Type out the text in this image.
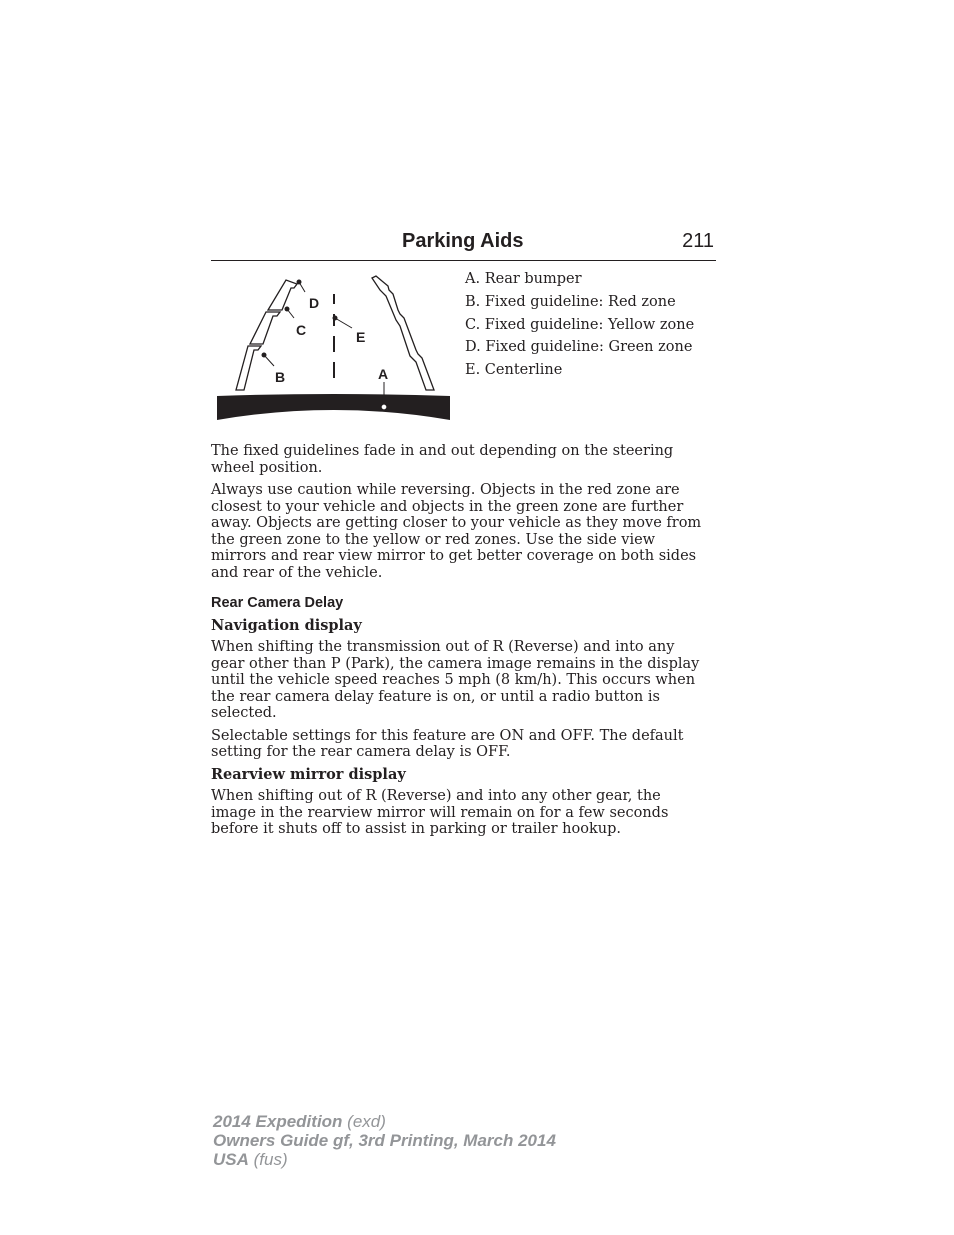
Parking Aids	211
D
C	E
B	A
A. Rear bumper
B. Fixed guideline: Red zone
C. Fixed guideline: Yellow zone
D. Fixed guideline: Green zone
E. Centerline

The fixed guidelines fade in and out depending on the steering wheel position.

Always use caution while reversing. Objects in the red zone are closest to your vehicle and objects in the green zone are further away. Objects are getting closer to your vehicle as they move from the green zone to the yellow or red zones. Use the side view mirrors and rear view mirror to get better coverage on both sides and rear of the vehicle.

Rear Camera Delay
Navigation display

When shifting the transmission out of R (Reverse) and into any gear other than P (Park), the camera image remains in the display until the vehicle speed reaches 5 mph (8 km/h). This occurs when the rear camera delay feature is on, or until a radio button is selected.

Selectable settings for this feature are ON and OFF. The default setting for the rear camera delay is OFF.

Rearview mirror display

When shifting out of R (Reverse) and into any other gear, the image in the rearview mirror will remain on for a few seconds before it shuts off to assist in parking or trailer hookup.

2014 Expedition (exd)
Owners Guide gf, 3rd Printing, March 2014
USA (fus)
